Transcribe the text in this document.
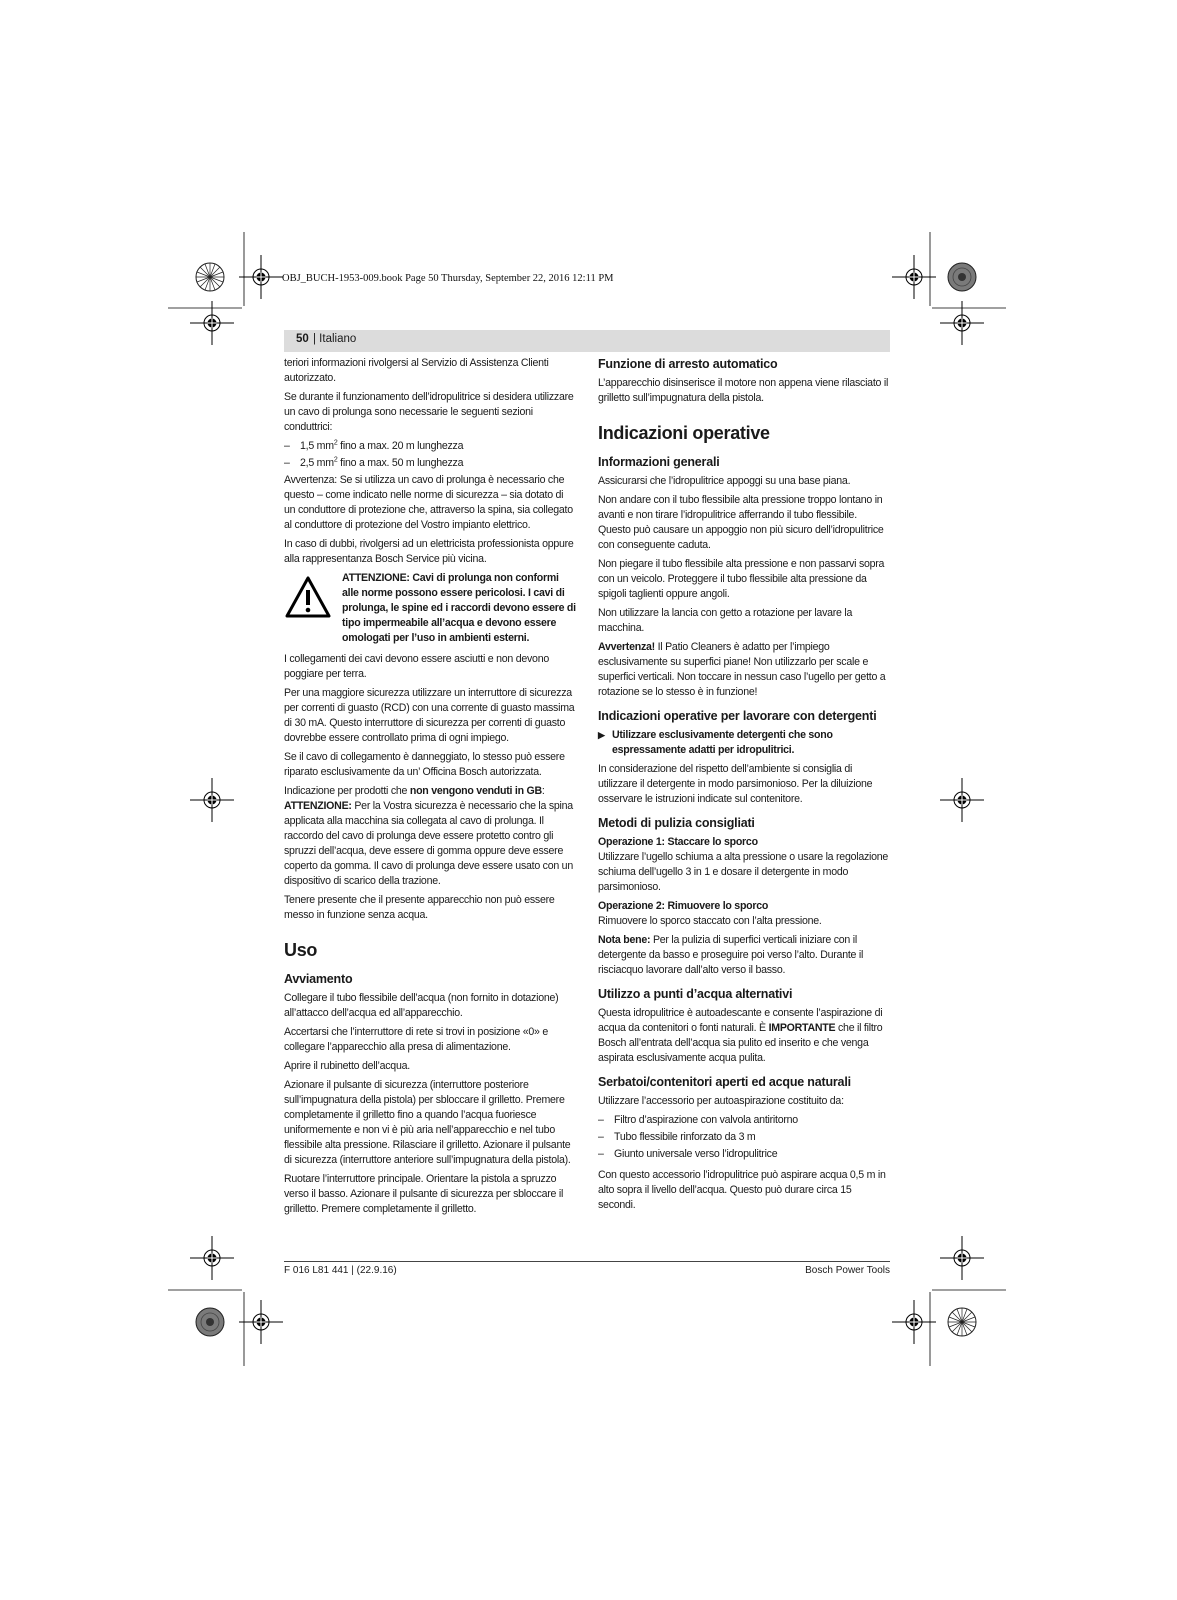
OBJ_BUCH-1953-009.book Page 50 Thursday, September 22, 2016 12:11 PM
50 | Italiano

teriori informazioni rivolgersi al Servizio di Assistenza Clienti autorizzato.

Se durante il funzionamento dell’idropulitrice si desidera utilizzare un cavo di prolunga sono necessarie le seguenti sezioni conduttrici:

– 1,5 $mm^2$ fino a max. 20 m lunghezza
– 2,5 $mm^2$ fino a max. 50 m lunghezza

Avvertenza: Se si utilizza un cavo di prolunga è necessario che questo – come indicato nelle norme di sicurezza – sia dotato di un conduttore di protezione che, attraverso la spina, sia collegato al conduttore di protezione del Vostro impianto elettrico.

In caso di dubbi, rivolgersi ad un elettricista professionista oppure alla rappresentanza Bosch Service più vicina.

ATTENZIONE: Cavi di prolunga non conformi alle norme possono essere pericolosi. I cavi di prolunga, le spine ed i raccordi devono essere di tipo impermeabile all’acqua e devono essere omologati per l’uso in ambienti esterni.

I collegamenti dei cavi devono essere asciutti e non devono poggiare per terra.

Per una maggiore sicurezza utilizzare un interruttore di sicurezza per correnti di guasto (RCD) con una corrente di guasto massima di 30 mA. Questo interruttore di sicurezza per correnti di guasto dovrebbe essere controllato prima di ogni impiego.

Se il cavo di collegamento è danneggiato, lo stesso può essere riparato esclusivamente da un’ Officina Bosch autorizzata.

Indicazione per prodotti che non vengono venduti in GB:

ATTENZIONE: Per la Vostra sicurezza è necessario che la spina applicata alla macchina sia collegata al cavo di prolunga. Il raccordo del cavo di prolunga deve essere protetto contro gli spruzzi dell’acqua, deve essere di gomma oppure deve essere coperto da gomma. Il cavo di prolunga deve essere usato con un dispositivo di scarico della trazione.

Tenere presente che il presente apparecchio non può essere messo in funzione senza acqua.

Uso
Avviamento

Collegare il tubo flessibile dell’acqua (non fornito in dotazione) all’attacco dell’acqua ed all’apparecchio.

Accertarsi che l’interruttore di rete si trovi in posizione «0» e collegare l’apparecchio alla presa di alimentazione.

Aprire il rubinetto dell’acqua.

Azionare il pulsante di sicurezza (interruttore posteriore sull’impugnatura della pistola) per sbloccare il grilletto. Premere completamente il grilletto fino a quando l’acqua fuoriesce uniformemente e non vi è più aria nell’apparecchio e nel tubo flessibile alta pressione. Rilasciare il grilletto. Azionare il pulsante di sicurezza (interruttore anteriore sull’impugnatura della pistola).

Ruotare l’interruttore principale. Orientare la pistola a spruzzo verso il basso. Azionare il pulsante di sicurezza per sbloccare il grilletto. Premere completamente il grilletto.

Funzione di arresto automatico

L’apparecchio disinserisce il motore non appena viene rilasciato il grilletto sull’impugnatura della pistola.

Indicazioni operative
Informazioni generali

Assicurarsi che l’idropulitrice appoggi su una base piana.

Non andare con il tubo flessibile alta pressione troppo lontano in avanti e non tirare l’idropulitrice afferrando il tubo flessibile. Questo può causare un appoggio non più sicuro dell’idropulitrice con conseguente caduta.

Non piegare il tubo flessibile alta pressione e non passarvi sopra con un veicolo. Proteggere il tubo flessibile alta pressione da spigoli taglienti oppure angoli.

Non utilizzare la lancia con getto a rotazione per lavare la macchina.

Avvertenza! Il Patio Cleaners è adatto per l’impiego esclusivamente su superfici piane! Non utilizzarlo per scale e superfici verticali. Non toccare in nessun caso l’ugello per getto a rotazione se lo stesso è in funzione!

Indicazioni operative per lavorare con detergenti
▶ Utilizzare esclusivamente detergenti che sono espressamente adatti per idropulitrici.

In considerazione del rispetto dell’ambiente si consiglia di utilizzare il detergente in modo parsimonioso. Per la diluizione osservare le istruzioni indicate sul contenitore.

Metodi di pulizia consigliati
Operazione 1: Staccare lo sporco

Utilizzare l’ugello schiuma a alta pressione o usare la regolazione schiuma dell’ugello 3 in 1 e dosare il detergente in modo parsimonioso.

Operazione 2: Rimuovere lo sporco

Rimuovere lo sporco staccato con l’alta pressione.

Nota bene: Per la pulizia di superfici verticali iniziare con il detergente da basso e proseguire poi verso l’alto. Durante il risciacquo lavorare dall’alto verso il basso.

Utilizzo a punti d’acqua alternativi

Questa idropulitrice è autoadescante e consente l’aspirazione di acqua da contenitori o fonti naturali. È IMPORTANTE che il filtro Bosch all’entrata dell’acqua sia pulito ed inserito e che venga aspirata esclusivamente acqua pulita.

Serbatoi/contenitori aperti ed acque naturali

Utilizzare l’accessorio per autoaspirazione costituito da:

– Filtro d’aspirazione con valvola antiritorno
– Tubo flessibile rinforzato da 3 m
– Giunto universale verso l’idropulitrice

Con questo accessorio l’idropulitrice può aspirare acqua 0,5 m in alto sopra il livello dell’acqua. Questo può durare circa 15 secondi.

F 016 L81 441 | (22.9.16)	Bosch Power Tools
